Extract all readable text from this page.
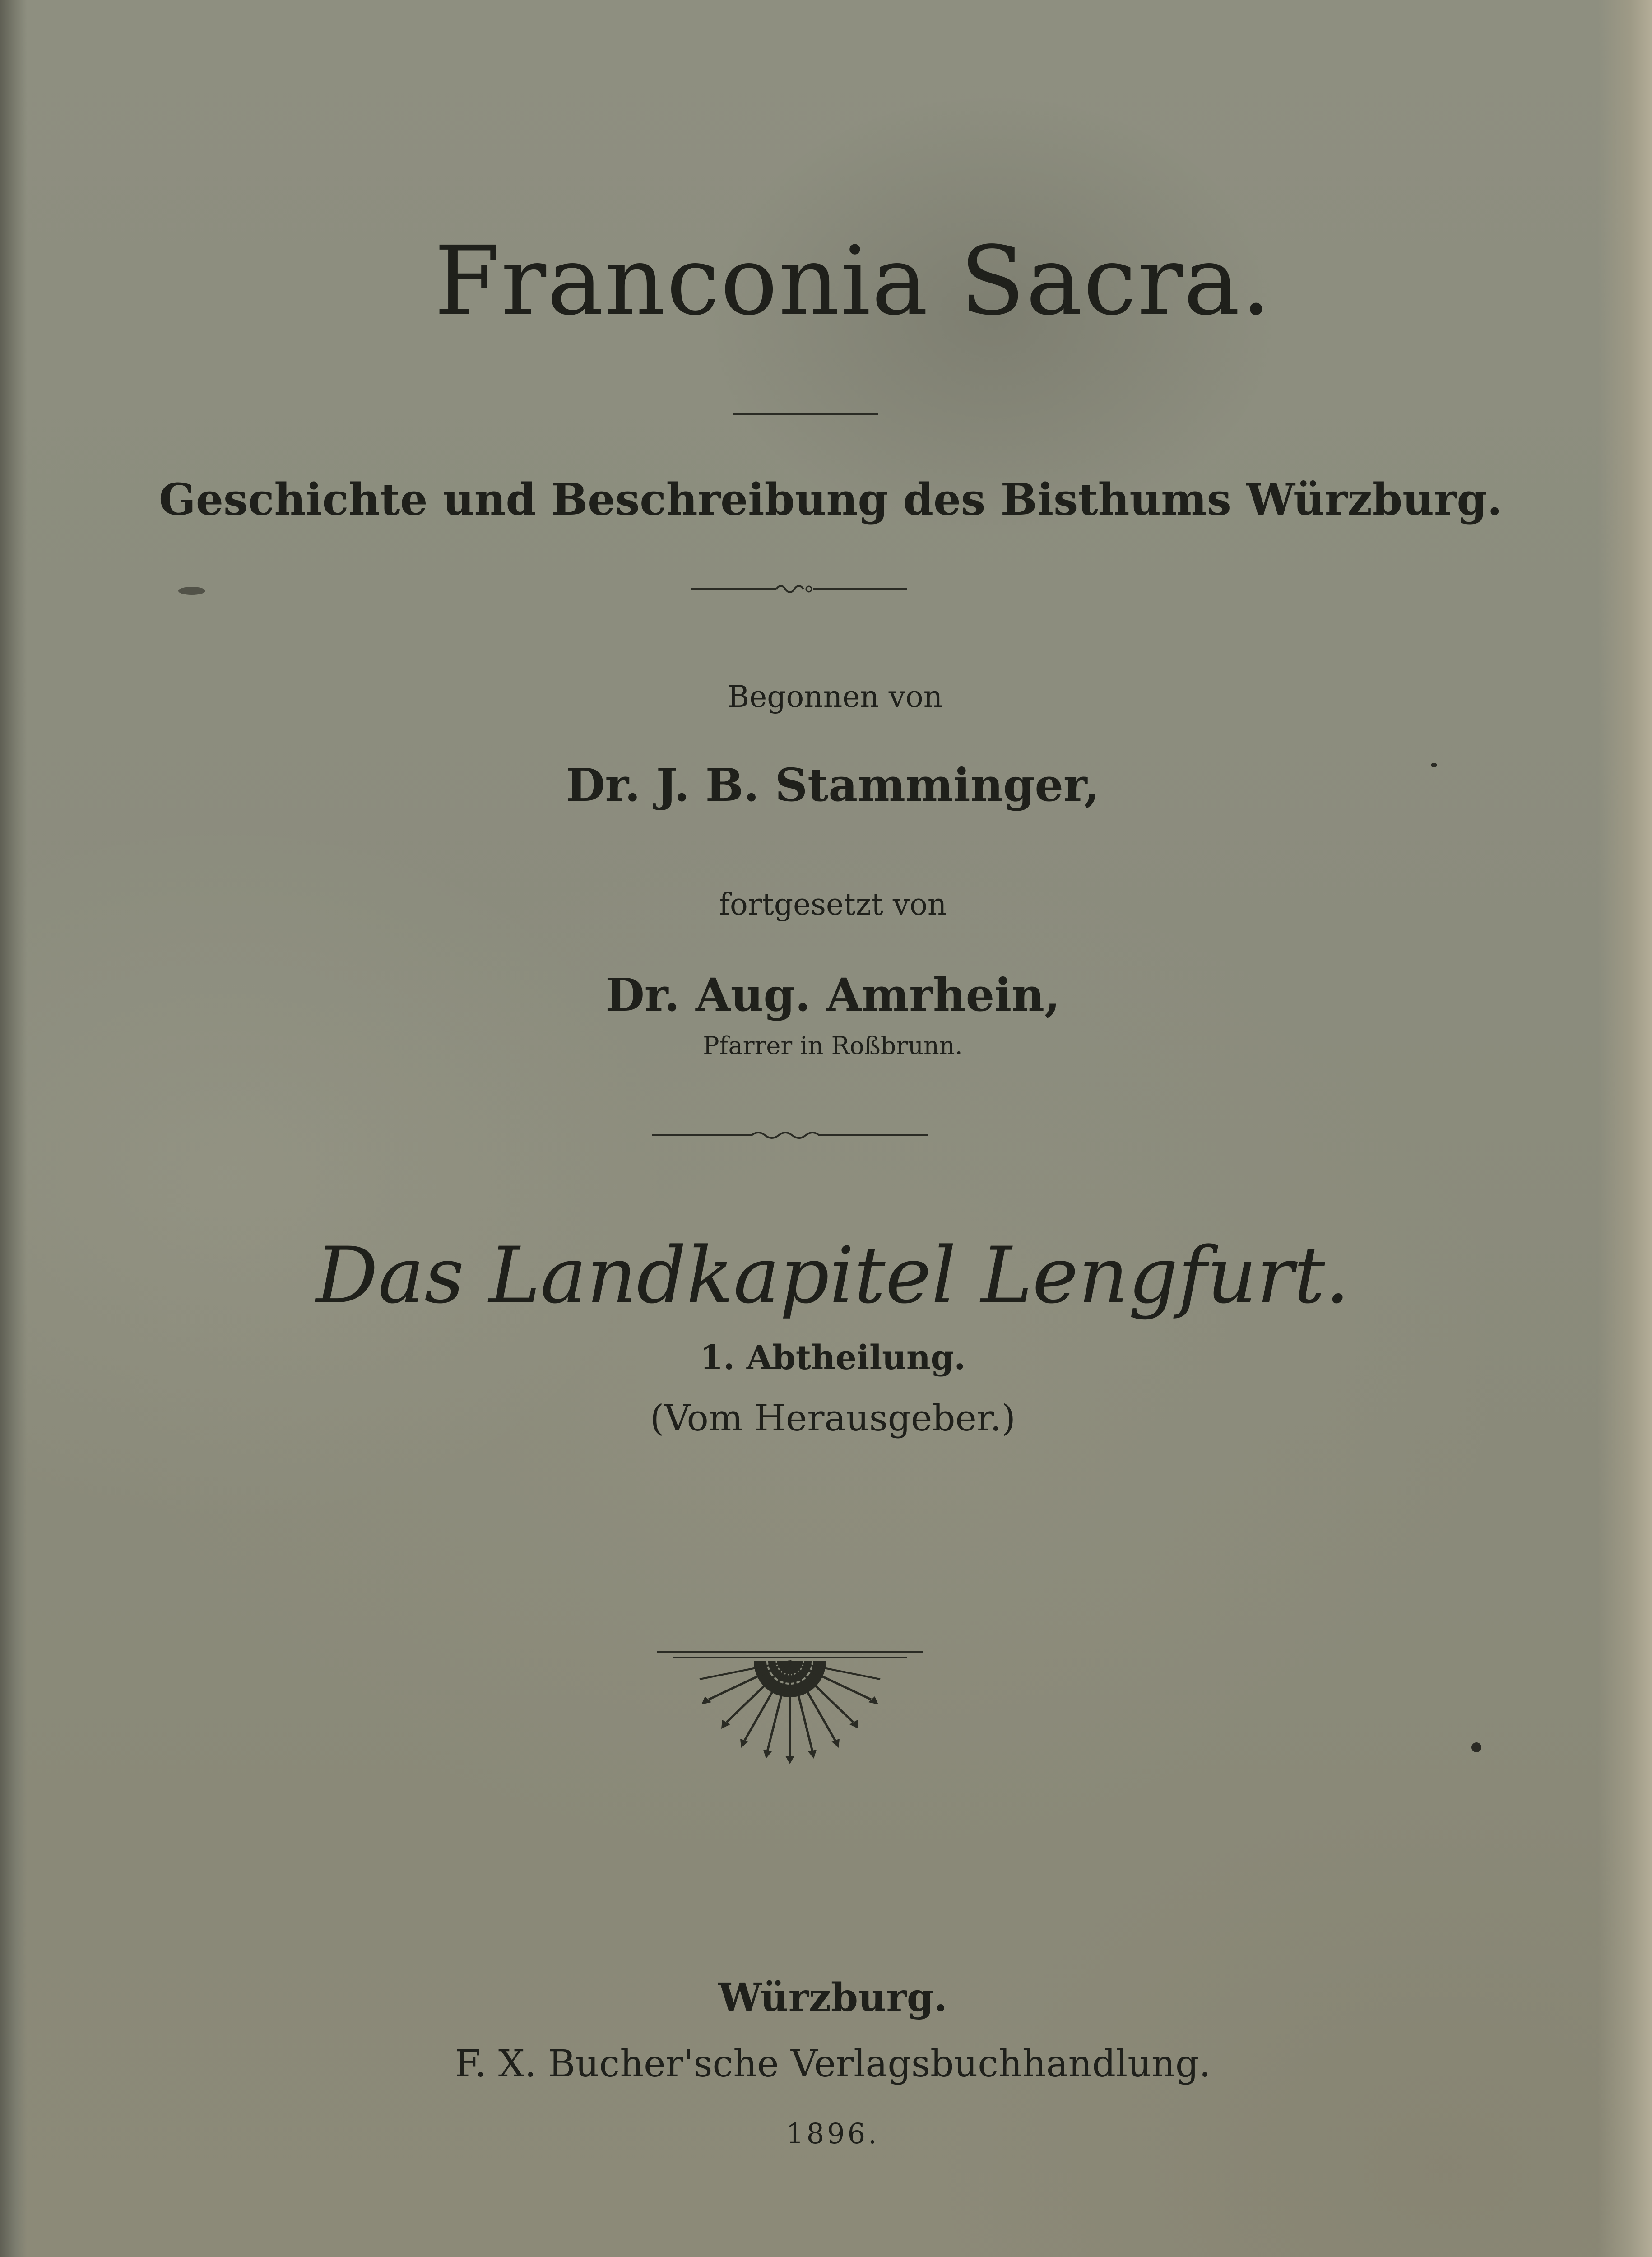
Franconia Sacra.
Geschichte und Beschreibung des Bisthums Würzburg.
Begonnen von
Dr. J. B. Stamminger,
fortgesetzt von
Dr. Aug. Amrhein,
Pfarrer in Roßbrunn.
Das Landkapitel Lengfurt.
1. Abtheilung.
(Vom Herausgeber.)
Würzburg.
F. X. Bucher'sche Verlagsbuchhandlung.
1896.
